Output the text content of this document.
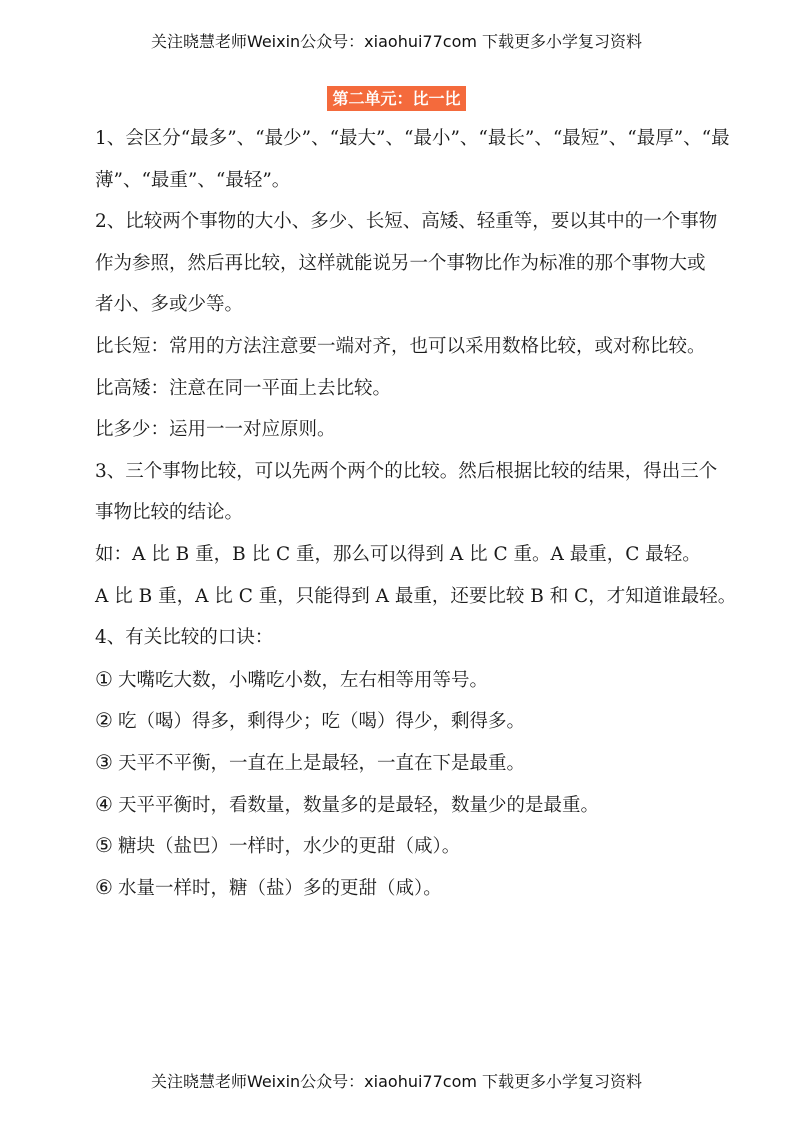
关注晓慧老师Weixin公众号：xiaohui77com 下载更多小学复习资料
第二单元：比一比
1、会区分“最多”、“最少”、“最大”、“最小”、“最长”、“最短”、“最厚”、“最
薄”、“最重”、“最轻”。
2、比较两个事物的大小、多少、长短、高矮、轻重等，要以其中的一个事物
作为参照，然后再比较，这样就能说另一个事物比作为标准的那个事物大或
者小、多或少等。
比长短：常用的方法注意要一端对齐，也可以采用数格比较，或对称比较。
比高矮：注意在同一平面上去比较。
比多少：运用一一对应原则。
3、三个事物比较，可以先两个两个的比较。然后根据比较的结果，得出三个
事物比较的结论。
如：A 比 B 重，B 比 C 重，那么可以得到 A 比 C 重。A 最重，C 最轻。
A 比 B 重，A 比 C 重，只能得到 A 最重，还要比较 B 和 C，才知道谁最轻。
4、有关比较的口诀：
① 大嘴吃大数，小嘴吃小数，左右相等用等号。
② 吃（喝）得多，剩得少；吃（喝）得少，剩得多。
③ 天平不平衡，一直在上是最轻，一直在下是最重。
④ 天平平衡时，看数量，数量多的是最轻，数量少的是最重。
⑤ 糖块（盐巴）一样时，水少的更甜（咸）。
⑥ 水量一样时，糖（盐）多的更甜（咸）。
关注晓慧老师Weixin公众号：xiaohui77com 下载更多小学复习资料
